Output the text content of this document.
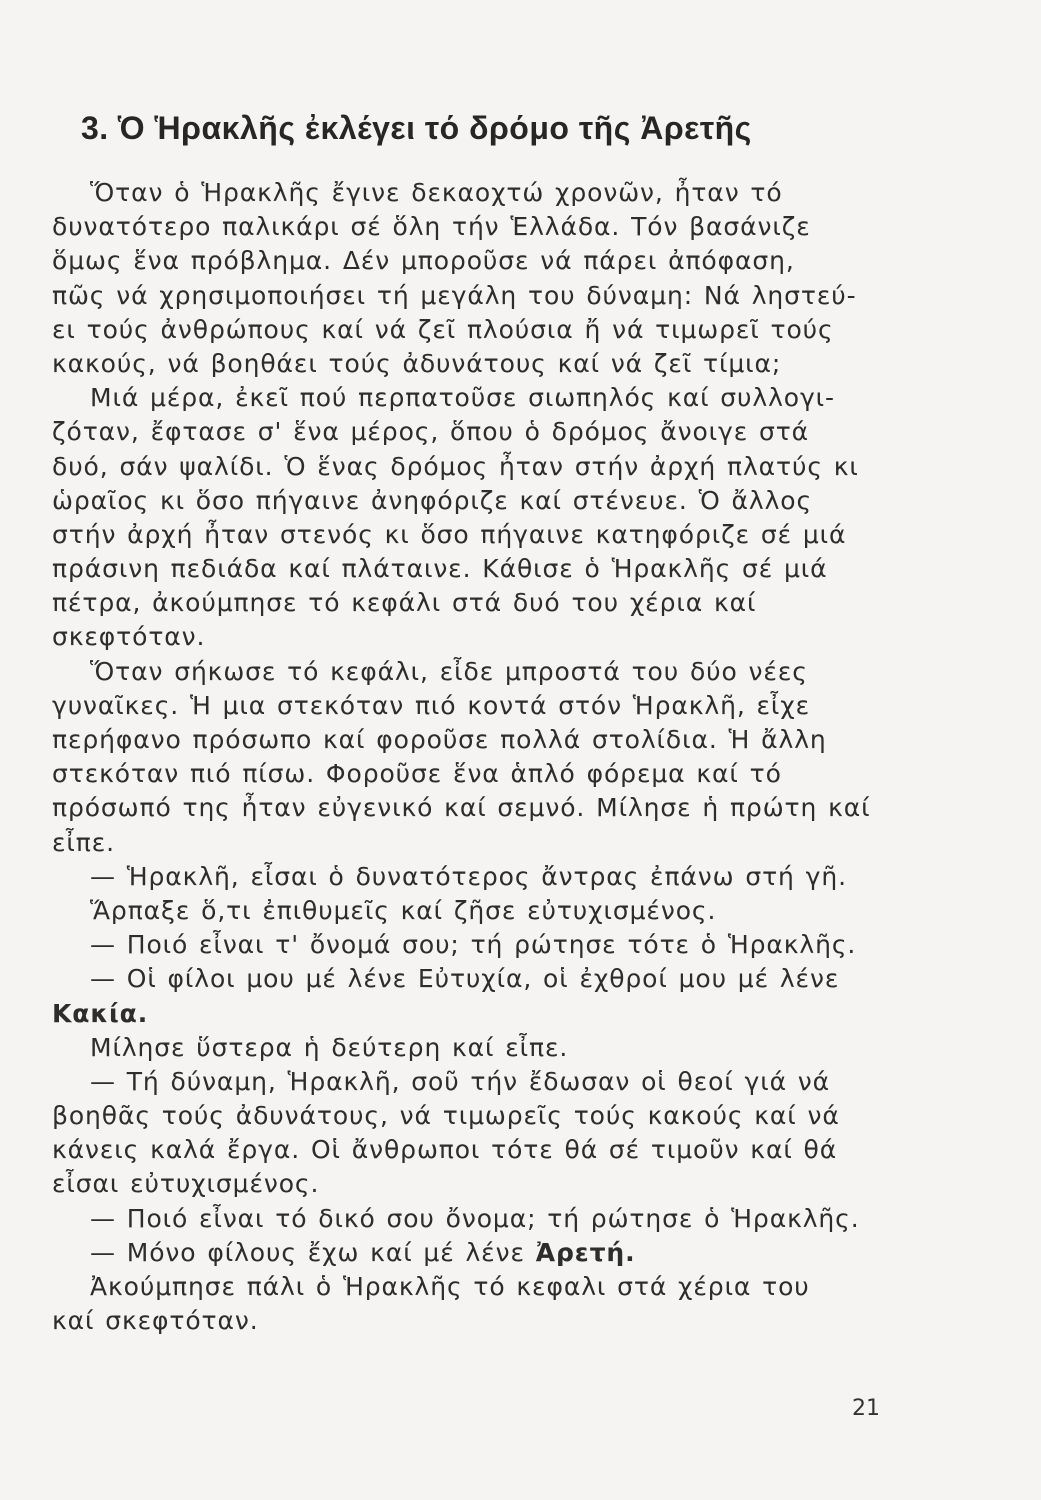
3. Ὁ Ἡρακλῆς ἐκλέγει τό δρόμο τῆς Ἀρετῆς
Ὅταν ὁ Ἡρακλῆς ἔγινε δεκαοχτώ χρονῶν, ἦταν τό
δυνατότερο παλικάρι σέ ὅλη τήν Ἑλλάδα. Τόν βασάνιζε
ὅμως ἕνα πρόβλημα. Δέν μποροῦσε νά πάρει ἀπόφαση,
πῶς νά χρησιμοποιήσει τή μεγάλη του δύναμη: Νά ληστεύ-
ει τούς ἀνθρώπους καί νά ζεῖ πλούσια ἤ νά τιμωρεῖ τούς
κακούς, νά βοηθάει τούς ἀδυνάτους καί νά ζεῖ τίμια;
Μιά μέρα, ἐκεῖ πού περπατοῦσε σιωπηλός καί συλλογι-
ζόταν, ἔφτασε σ' ἕνα μέρος, ὅπου ὁ δρόμος ἄνοιγε στά
δυό, σάν ψαλίδι. Ὁ ἕνας δρόμος ἦταν στήν ἀρχή πλατύς κι
ὡραῖος κι ὅσο πήγαινε ἀνηφόριζε καί στένευε. Ὁ ἄλλος
στήν ἀρχή ἦταν στενός κι ὅσο πήγαινε κατηφόριζε σέ μιά
πράσινη πεδιάδα καί πλάταινε. Κάθισε ὁ Ἡρακλῆς σέ μιά
πέτρα, ἀκούμπησε τό κεφάλι στά δυό του χέρια καί
σκεφτόταν.
Ὅταν σήκωσε τό κεφάλι, εἶδε μπροστά του δύο νέες
γυναῖκες. Ἡ μια στεκόταν πιό κοντά στόν Ἡρακλῆ, εἶχε
περήφανο πρόσωπο καί φοροῦσε πολλά στολίδια. Ἡ ἄλλη
στεκόταν πιό πίσω. Φοροῦσε ἕνα ἁπλό φόρεμα καί τό
πρόσωπό της ἦταν εὐγενικό καί σεμνό. Μίλησε ἡ πρώτη καί
εἶπε.
— Ἡρακλῆ, εἶσαι ὁ δυνατότερος ἄντρας ἐπάνω στή γῆ.
Ἅρπαξε ὅ,τι ἐπιθυμεῖς καί ζῆσε εὐτυχισμένος.
— Ποιό εἶναι τ' ὄνομά σου; τή ρώτησε τότε ὁ Ἡρακλῆς.
— Οἱ φίλοι μου μέ λένε Εὐτυχία, οἱ ἐχθροί μου μέ λένε
Κακία.
Μίλησε ὕστερα ἡ δεύτερη καί εἶπε.
— Τή δύναμη, Ἡρακλῆ, σοῦ τήν ἔδωσαν οἱ θεοί γιά νά
βοηθᾶς τούς ἀδυνάτους, νά τιμωρεῖς τούς κακούς καί νά
κάνεις καλά ἔργα. Οἱ ἄνθρωποι τότε θά σέ τιμοῦν καί θά
εἶσαι εὐτυχισμένος.
— Ποιό εἶναι τό δικό σου ὄνομα; τή ρώτησε ὁ Ἡρακλῆς.
— Μόνο φίλους ἔχω καί μέ λένε Ἀρετή.
Ἀκούμπησε πάλι ὁ Ἡρακλῆς τό κεφαλι στά χέρια του
καί σκεφτόταν.
21
